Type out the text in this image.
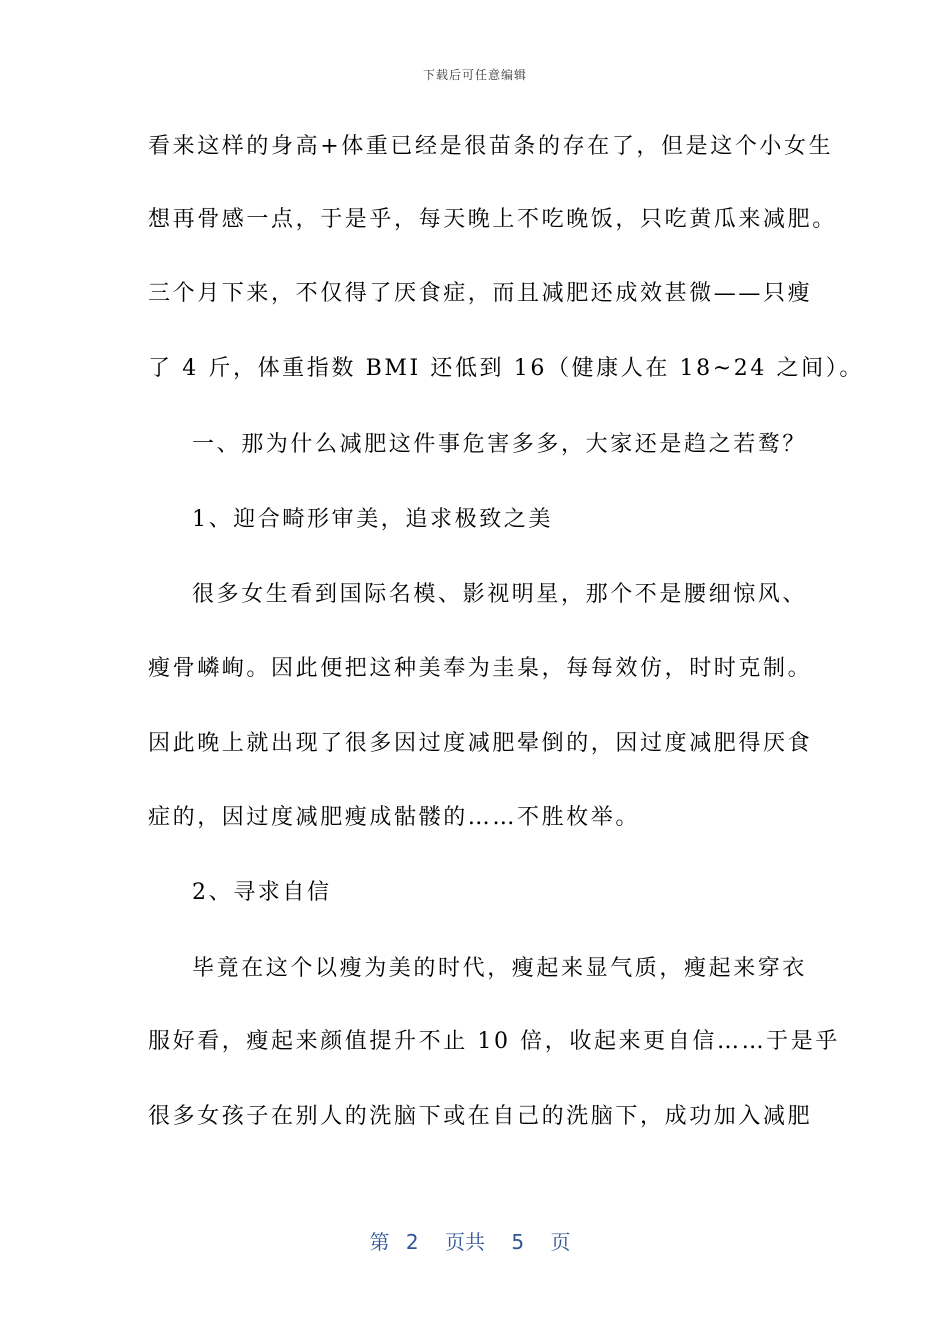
下载后可任意编辑
看来这样的身高+体重已经是很苗条的存在了，但是这个小女生
想再骨感一点，于是乎，每天晚上不吃晚饭，只吃黄瓜来减肥。
三个月下来，不仅得了厌食症，而且减肥还成效甚微——只瘦
了 4 斤，体重指数 BMI 还低到 16（健康人在 18~24 之间）。
一、那为什么减肥这件事危害多多，大家还是趋之若鹜？
1、迎合畸形审美，追求极致之美
很多女生看到国际名模、影视明星，那个不是腰细惊风、
瘦骨嶙峋。因此便把这种美奉为圭臬，每每效仿，时时克制。
因此晚上就出现了很多因过度减肥晕倒的，因过度减肥得厌食
症的，因过度减肥瘦成骷髅的……不胜枚举。
2、寻求自信
毕竟在这个以瘦为美的时代，瘦起来显气质，瘦起来穿衣
服好看，瘦起来颜值提升不止 10 倍，收起来更自信……于是乎
很多女孩子在别人的洗脑下或在自己的洗脑下，成功加入减肥
第 2 页共 5 页
